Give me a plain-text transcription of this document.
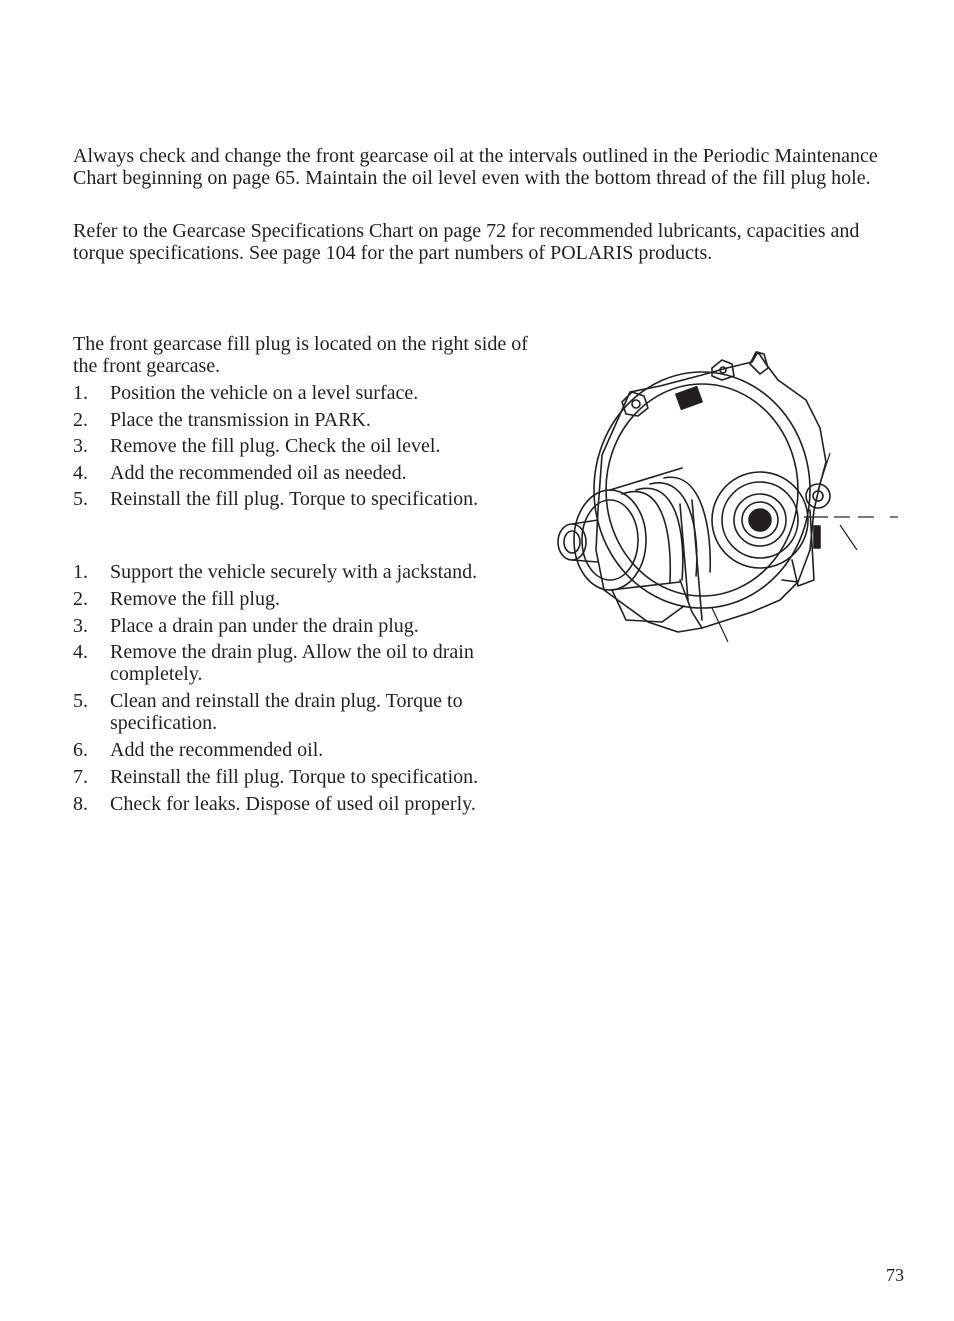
Always check and change the front gearcase oil at the intervals outlined in the Periodic Maintenance Chart beginning on page 65. Maintain the oil level even with the bottom thread of the fill plug hole.

Refer to the Gearcase Specifications Chart on page 72 for recommended lubricants, capacities and torque specifications. See page 104 for the part numbers of POLARIS products.

The front gearcase fill plug is located on the right side of the front gearcase.

1. Position the vehicle on a level surface.
2. Place the transmission in PARK.
3. Remove the fill plug. Check the oil level.
4. Add the recommended oil as needed.
5. Reinstall the fill plug. Torque to specification.
1. Support the vehicle securely with a jackstand.
2. Remove the fill plug.
3. Place a drain pan under the drain plug.
4. Remove the drain plug. Allow the oil to drain completely.
5. Clean and reinstall the drain plug. Torque to specification.
6. Add the recommended oil.
7. Reinstall the fill plug. Torque to specification.
8. Check for leaks. Dispose of used oil properly.
73
